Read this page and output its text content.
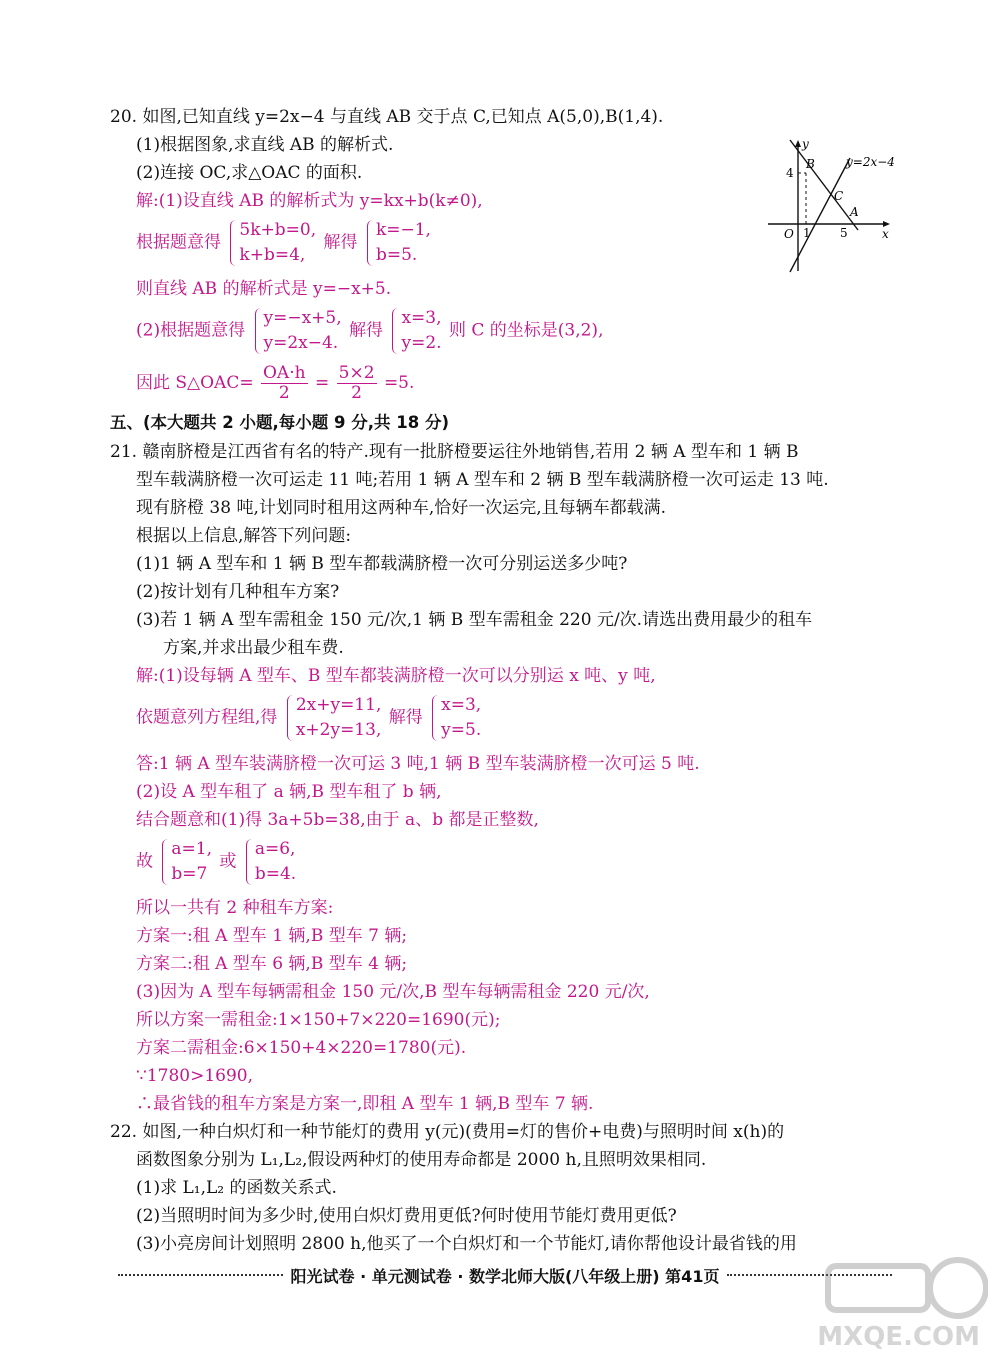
20. 如图,已知直线 y=2x−4 与直线 AB 交于点 C,已知点 A(5,0),B(1,4).
(1)根据图象,求直线 AB 的解析式.
(2)连接 OC,求△OAC 的面积.
解:(1)设直线 AB 的解析式为 y=kx+b(k≠0),
根据题意得
5k+b=0,
k+b=4,
解得
k=−1,
b=5.
则直线 AB 的解析式是 y=−x+5.
(2)根据题意得
y=−x+5,
y=2x−4.
解得
x=3,
y=2.
则 C 的坐标是(3,2),
因此 S△OAC= $\frac{OA\cdot h}{2} = \frac{5\times 2}{2} =5$.
y
x
O
B
C
A
4
1 5
y=2x−4
五、(本大题共 2 小题,每小题 9 分,共 18 分)
21. 赣南脐橙是江西省有名的特产.现有一批脐橙要运往外地销售,若用 2 辆 A 型车和 1 辆 B
型车载满脐橙一次可运走 11 吨;若用 1 辆 A 型车和 2 辆 B 型车载满脐橙一次可运走 13 吨.
现有脐橙 38 吨,计划同时租用这两种车,恰好一次运完,且每辆车都载满.
根据以上信息,解答下列问题:
(1)1 辆 A 型车和 1 辆 B 型车都载满脐橙一次可分别运送多少吨?
(2)按计划有几种租车方案?
(3)若 1 辆 A 型车需租金 150 元/次,1 辆 B 型车需租金 220 元/次.请选出费用最少的租车
方案,并求出最少租车费.
解:(1)设每辆 A 型车、B 型车都装满脐橙一次可以分别运 x 吨、y 吨,
依题意列方程组,得
2x+y=11,
x+2y=13,
解得
x=3,
y=5.
答:1 辆 A 型车装满脐橙一次可运 3 吨,1 辆 B 型车装满脐橙一次可运 5 吨.
(2)设 A 型车租了 a 辆,B 型车租了 b 辆,
结合题意和(1)得 3a+5b=38,由于 a、b 都是正整数,
故
a=1,
b=7
或
a=6,
b=4.
所以一共有 2 种租车方案:
方案一:租 A 型车 1 辆,B 型车 7 辆;
方案二:租 A 型车 6 辆,B 型车 4 辆;
(3)因为 A 型车每辆需租金 150 元/次,B 型车每辆需租金 220 元/次,
所以方案一需租金:1×150+7×220=1690(元);
方案二需租金:6×150+4×220=1780(元).
∵1780>1690,
∴最省钱的租车方案是方案一,即租 A 型车 1 辆,B 型车 7 辆.
22. 如图,一种白炽灯和一种节能灯的费用 y(元)(费用=灯的售价+电费)与照明时间 x(h)的
函数图象分别为 L₁,L₂,假设两种灯的使用寿命都是 2000 h,且照明效果相同.
(1)求 L₁,L₂ 的函数关系式.
(2)当照明时间为多少时,使用白炽灯费用更低?何时使用节能灯费用更低?
(3)小亮房间计划照明 2800 h,他买了一个白炽灯和一个节能灯,请你帮他设计最省钱的用
阳光试卷 · 单元测试卷 · 数学北师大版(八年级上册) 第41页
MXQE.COM
